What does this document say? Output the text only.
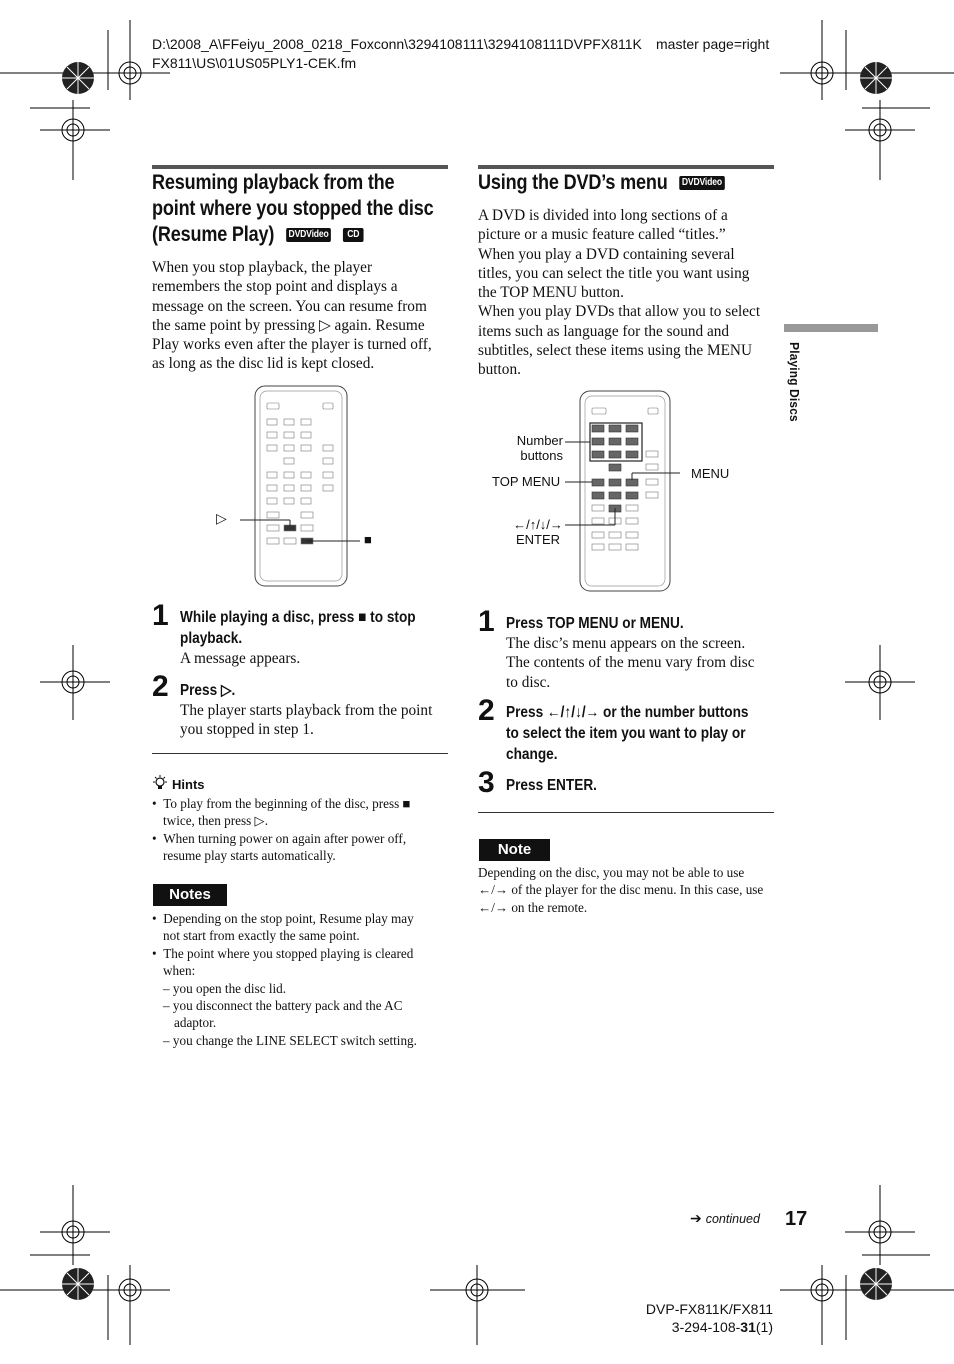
D:\2008_A\FFeiyu_2008_0218_Foxconn\3294108111\3294108111DVPFX811K
FX811\US\01US05PLY1-CEK.fm
master page=right
Resuming playback from the
point where you stopped the disc
(Resume Play) DVDVideo CD
When you stop playback, the player
remembers the stop point and displays a
message on the screen. You can resume from
the same point by pressing ▷ again. Resume
Play works even after the player is turned off,
as long as the disc lid is kept closed.
▷
■
1 While playing a disc, press ■ to stop
playback.
A message appears.
2 Press ▷.
The player starts playback from the point
you stopped in step 1.
Hints
•  To play from the beginning of the disc, press ■
twice, then press ▷.
•  When turning power on again after power off,
resume play starts automatically.
Notes
•  Depending on the stop point, Resume play may
not start from exactly the same point.
•  The point where you stopped playing is cleared
when:
– you open the disc lid.
– you disconnect the battery pack and the AC
adaptor.
– you change the LINE SELECT switch setting.
Using the DVD’s menu DVDVideo
A DVD is divided into long sections of a
picture or a music feature called “titles.”
When you play a DVD containing several
titles, you can select the title you want using
the TOP MENU button.
When you play DVDs that allow you to select
items such as language for the sound and
subtitles, select these items using the MENU
button.
Number
buttons
TOP MENU
MENU
←/↑/↓/→
ENTER
1 Press TOP MENU or MENU.
The disc’s menu appears on the screen.
The contents of the menu vary from disc
to disc.
2 Press ←/↑/↓/→ or the number buttons
to select the item you want to play or
change.
3 Press ENTER.
Note
Depending on the disc, you may not be able to use
←/→ of the player for the disc menu. In this case, use
←/→ on the remote.
Playing Discs
➔ continued	17
DVP-FX811K/FX811
3-294-108-31(1)
